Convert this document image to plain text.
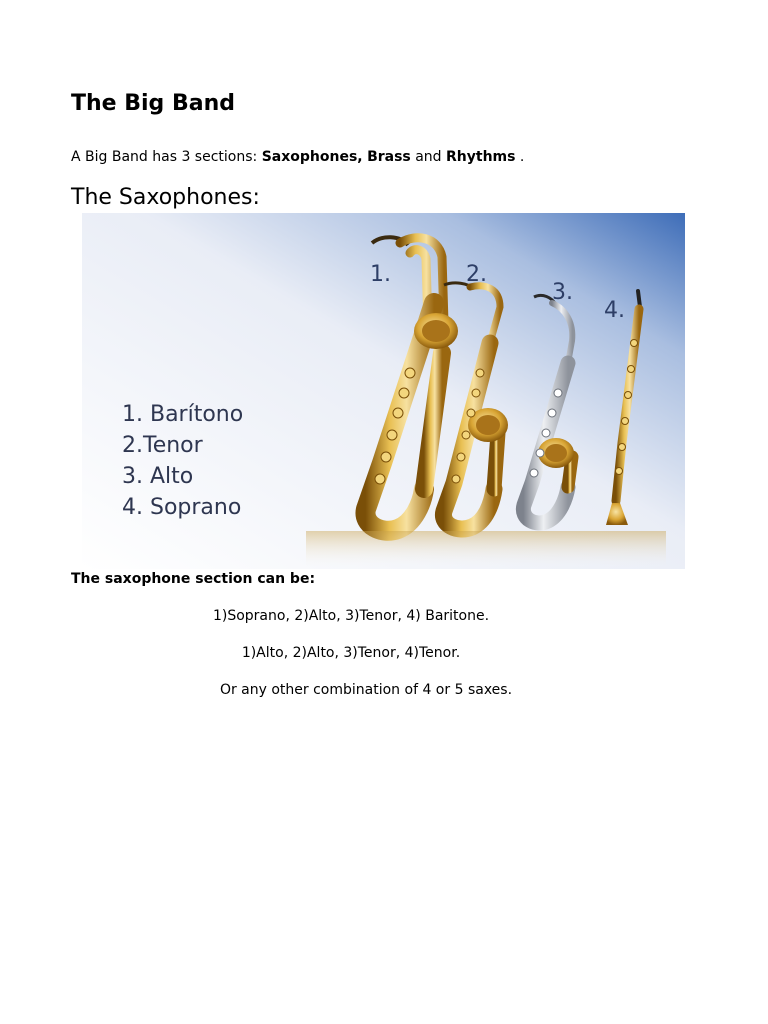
The Big Band

A Big Band has 3 sections: Saxophones, Brass and Rhythms .

The Saxophones:
1.	2.
3.
4.
1. Barítono
2.Tenor
3. Alto
4. Soprano

The saxophone section can be:

1)Soprano, 2)Alto, 3)Tenor, 4) Baritone.

1)Alto, 2)Alto, 3)Tenor, 4)Tenor.

Or any other combination of 4 or 5 saxes.
